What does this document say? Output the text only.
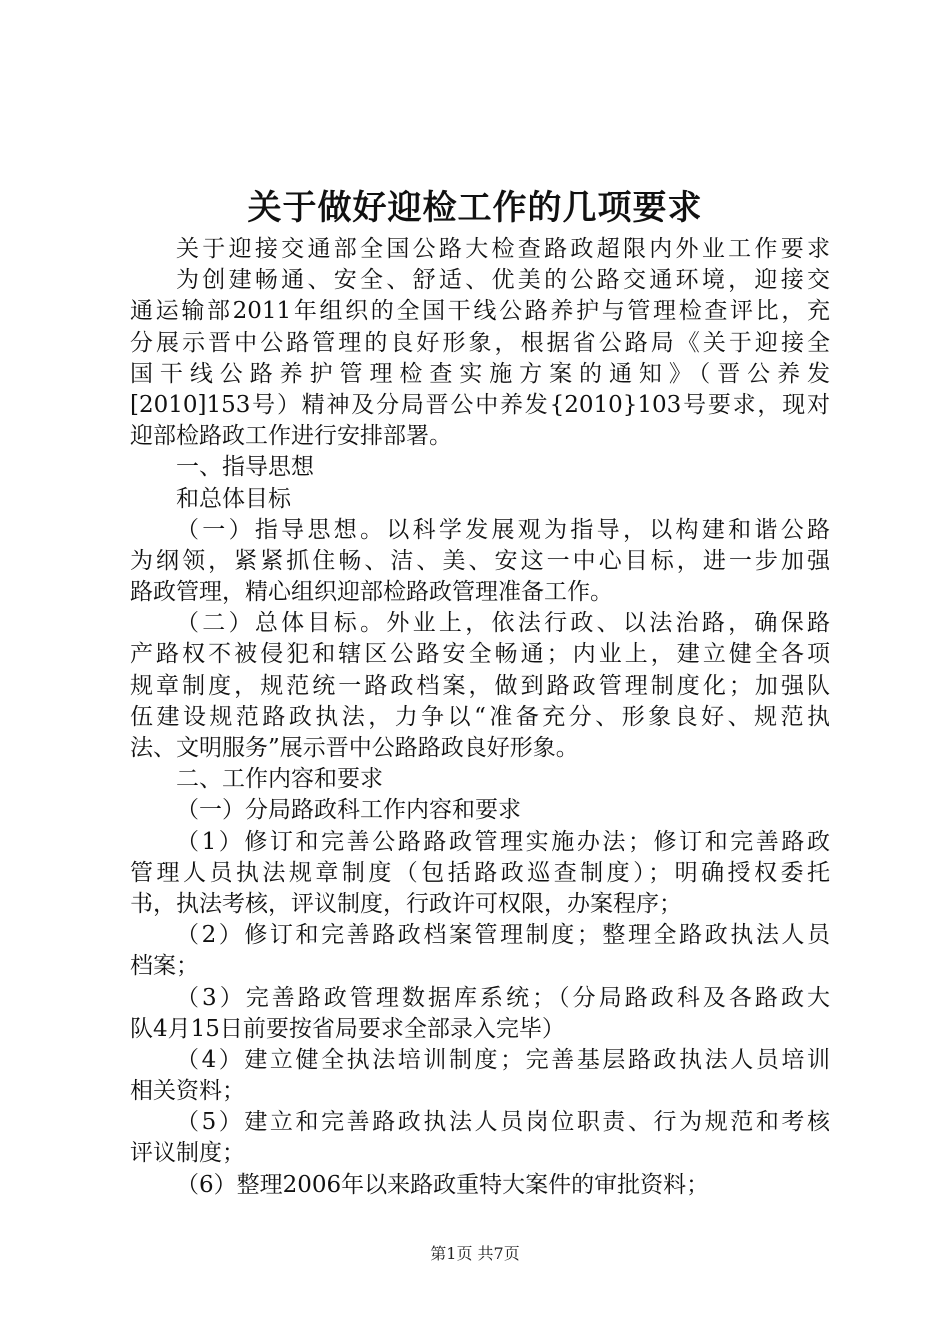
关于做好迎检工作的几项要求
关于迎接交通部全国公路大检查路政超限内外业工作要求
为创建畅通、安全、舒适、优美的公路交通环境，迎接交
通运输部2011年组织的全国干线公路养护与管理检查评比，充
分展示晋中公路管理的良好形象，根据省公路局《关于迎接全
国干线公路养护管理检查实施方案的通知》（晋公养发
[2010]153号）精神及分局晋公中养发{2010}103号要求，现对
迎部检路政工作进行安排部署。
一、指导思想
和总体目标
（一）指导思想。以科学发展观为指导，以构建和谐公路
为纲领，紧紧抓住畅、洁、美、安这一中心目标，进一步加强
路政管理，精心组织迎部检路政管理准备工作。
（二）总体目标。外业上，依法行政、以法治路，确保路
产路权不被侵犯和辖区公路安全畅通；内业上，建立健全各项
规章制度，规范统一路政档案，做到路政管理制度化；加强队
伍建设规范路政执法，力争以“准备充分、形象良好、规范执
法、文明服务”展示晋中公路路政良好形象。
二、工作内容和要求
（一）分局路政科工作内容和要求
（1）修订和完善公路路政管理实施办法；修订和完善路政
管理人员执法规章制度（包括路政巡查制度）；明确授权委托
书，执法考核，评议制度，行政许可权限，办案程序；
（2）修订和完善路政档案管理制度；整理全路政执法人员
档案；
（3）完善路政管理数据库系统；（分局路政科及各路政大
队4月15日前要按省局要求全部录入完毕）
（4）建立健全执法培训制度；完善基层路政执法人员培训
相关资料；
（5）建立和完善路政执法人员岗位职责、行为规范和考核
评议制度；
（6）整理2006年以来路政重特大案件的审批资料；
第1页 共7页
